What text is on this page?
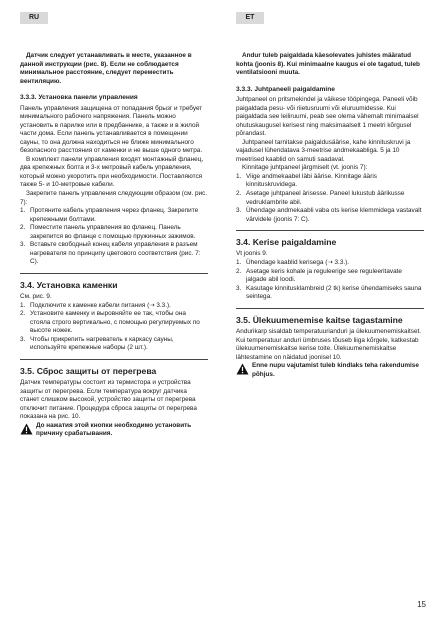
RU	ET

Датчик следует устанавливать в месте, указанное в данной инструкции (рис. 8). Если не соблюдается минимальное расстояние, следует переместить вентиляцию.

3.3.3. Установка панели управления

Панель управления защищена от попадания брызг и требует минимального рабочего напряжения. Панель можно установить в парилке или в предбаннике, а также и в жилой части дома. Если панель устанавливается в помещении сауны, то она должна находиться не ближе минимального безопасного расстояния от каменки и не выше одного метра.

В комплект панели управления входят монтажный фланец, два крепежных болта и 3-х метровый кабель управления, который можно укоротить при необходимости. Поставляются также 5- и 10-метровые кабели.

Закрепите панель управления следующим образом (см. рис. 7):

1. Протяните кабель управления через фланец. Закрепите крепежными болтами.
2. Поместите панель управления во фланец. Панель закрепится во фланце с помощью пружинных зажимов.
3. Вставьте свободный конец кабеля управления в разъем нагревателя по принципу цветового соответствия (рис. 7: C).
3.4. Установка каменки

См. рис. 9.

1. Подключите к каменке кабели питания (⇢ 3.3.).
2. Установите каменку и выровняйте ее так, чтобы она стояла строго вертикально, с помощью регулируемых по высоте ножек.
3. Чтобы прикрепить нагреватель к каркасу сауны, используйте крепежные наборы (2 шт.).
3.5. Сброс защиты от перегрева

Датчик температуры состоит из термистора и устройства защиты от перегрева. Если температура вокруг датчика станет слишком высокой, устройство защиты от перегрева отключит питание. Процедура сброса защиты от перегрева показана на рис. 10.

До нажатия этой кнопки необходимо установить причину срабатывания.

Andur tuleb paigaldada käesolevates juhistes määratud kohta (joonis 8). Kui minimaalne kaugus ei ole tagatud, tuleb ventilatsiooni muuta.

3.3.3. Juhtpaneeli paigaldamine

Juhtpaneel on pritsmekindel ja väikese tööpingega. Paneeli võib paigaldada pesu- või riietusruumi või eluruumidesse. Kui paigaldada see leiliruumi, peab see olema vähemalt minimaalsel ohutuskaugusel kerisest ning maksimaalselt 1 meetri kõrgusel põrandast.

Juhtpaneel tarnitakse paigaldusäärise, kahe kinnituskruvi ja vajadusel lühendatava 3-meetrise andmekaabliga. 5 ja 10 meetrised kaablid on samuti saadaval.

Kinnitage juhtpaneel järgmiselt (vt. joonis 7):

1. Viige andmekaabel läbi äärise. Kinnitage ääris kinnituskruvidega.
2. Asetage juhtpaneel ärisesse. Paneel lukustub äärikusse vedruklambrite abil.
3. Ühendage andmekaabli vaba ots kerise klemmidega vastavalt värvidele (joonis 7: C).
3.4. Kerise paigaldamine

Vt joonis 9.

1. Ühendage kaablid kerisega (⇢ 3.3.).
2. Asetage keris kohale ja reguleerige see reguleeritavate jalgade abil loodi.
3. Kasutage kinnitusklambreid (2 tk) kerise ühendamiseks sauna seintega.
3.5. Ülekuumenemise kaitse tagastamine

Andurikarp sisaldab temperatuurianduri ja ülekuumenemiskaitset. Kui temperatuur anduri ümbruses tõuseb liiga kõrgele, katkestab ülekuumenemiskaitse kerise toite. Ülekuumenemiskaitse lähtestamine on näidatud joonisel 10.

Enne nupu vajutamist tuleb kindlaks teha rakendumise põhjus.
15
